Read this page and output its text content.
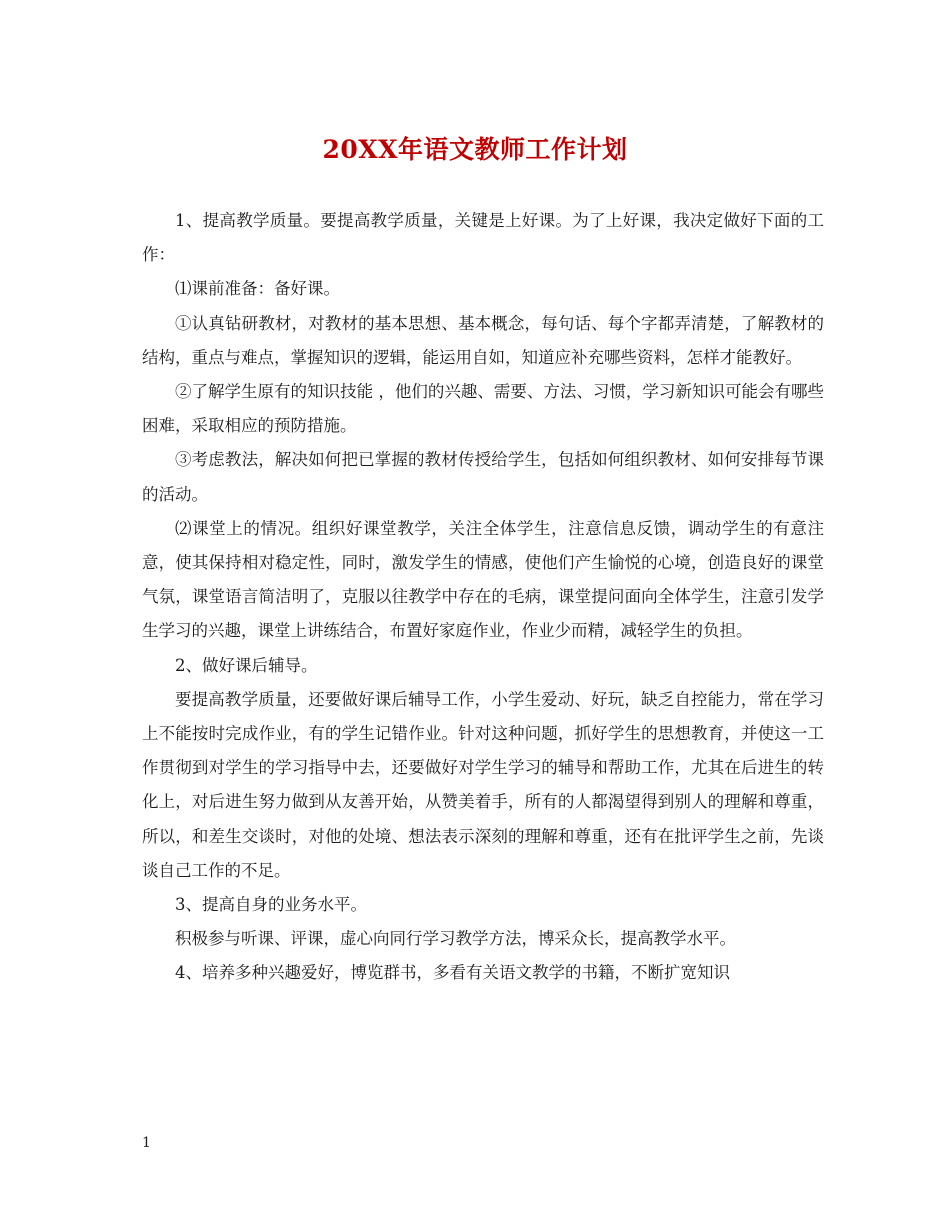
20XX年语文教师工作计划

1、提高教学质量。要提高教学质量，关键是上好课。为了上好课，我决定做好下面的工作：

⑴课前准备：备好课。

①认真钻研教材，对教材的基本思想、基本概念，每句话、每个字都弄清楚，了解教材的结构，重点与难点，掌握知识的逻辑，能运用自如，知道应补充哪些资料，怎样才能教好。

②了解学生原有的知识技能 ，他们的兴趣、需要、方法、习惯，学习新知识可能会有哪些困难，采取相应的预防措施。

③考虑教法，解决如何把已掌握的教材传授给学生，包括如何组织教材、如何安排每节课的活动。

⑵课堂上的情况。组织好课堂教学，关注全体学生，注意信息反馈，调动学生的有意注意，使其保持相对稳定性，同时，激发学生的情感，使他们产生愉悦的心境，创造良好的课堂气氛，课堂语言简洁明了，克服以往教学中存在的毛病，课堂提问面向全体学生，注意引发学生学习的兴趣，课堂上讲练结合，布置好家庭作业，作业少而精，减轻学生的负担。

2、做好课后辅导。

要提高教学质量，还要做好课后辅导工作，小学生爱动、好玩，缺乏自控能力，常在学习上不能按时完成作业，有的学生记错作业。针对这种问题，抓好学生的思想教育，并使这一工作贯彻到对学生的学习指导中去，还要做好对学生学习的辅导和帮助工作，尤其在后进生的转化上，对后进生努力做到从友善开始，从赞美着手，所有的人都渴望得到别人的理解和尊重，所以，和差生交谈时，对他的处境、想法表示深刻的理解和尊重，还有在批评学生之前，先谈谈自己工作的不足。

3、提高自身的业务水平。

积极参与听课、评课，虚心向同行学习教学方法，博采众长，提高教学水平。

4、培养多种兴趣爱好，博览群书，多看有关语文教学的书籍，不断扩宽知识

1
